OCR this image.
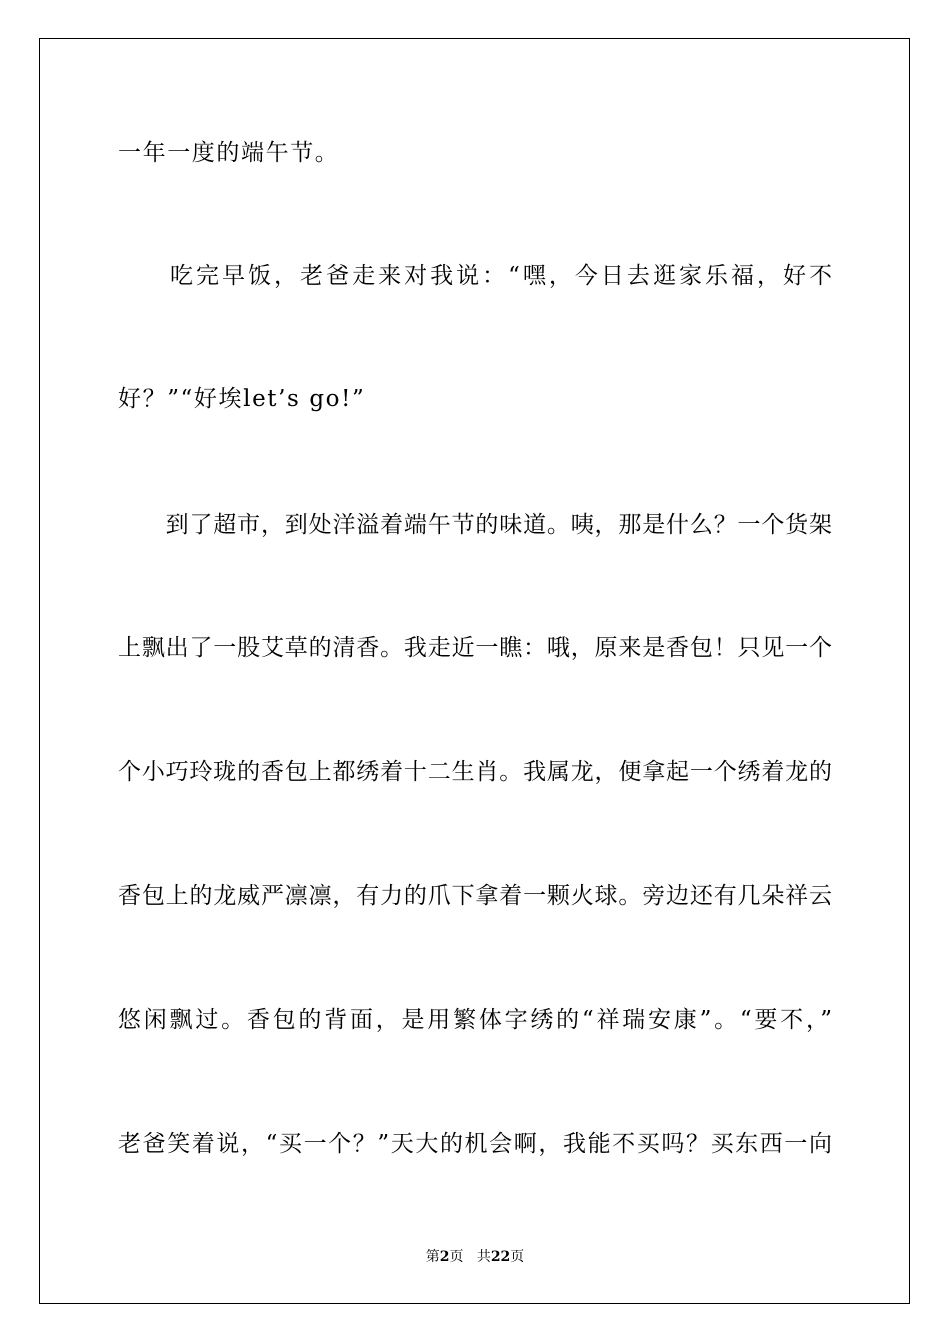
一年一度的端午节。
　　吃完早饭，老爸走来对我说：“嘿，今日去逛家乐福，好不
好？”“好埃let’s go!”
　　到了超市，到处洋溢着端午节的味道。咦，那是什么？一个货架
上飘出了一股艾草的清香。我走近一瞧：哦，原来是香包！只见一个
个小巧玲珑的香包上都绣着十二生肖。我属龙，便拿起一个绣着龙的
香包上的龙威严凛凛，有力的爪下拿着一颗火球。旁边还有几朵祥云
悠闲飘过。香包的背面，是用繁体字绣的“祥瑞安康”。“要不，”
老爸笑着说，“买一个？”天大的机会啊，我能不买吗？买东西一向
第2页 共22页
